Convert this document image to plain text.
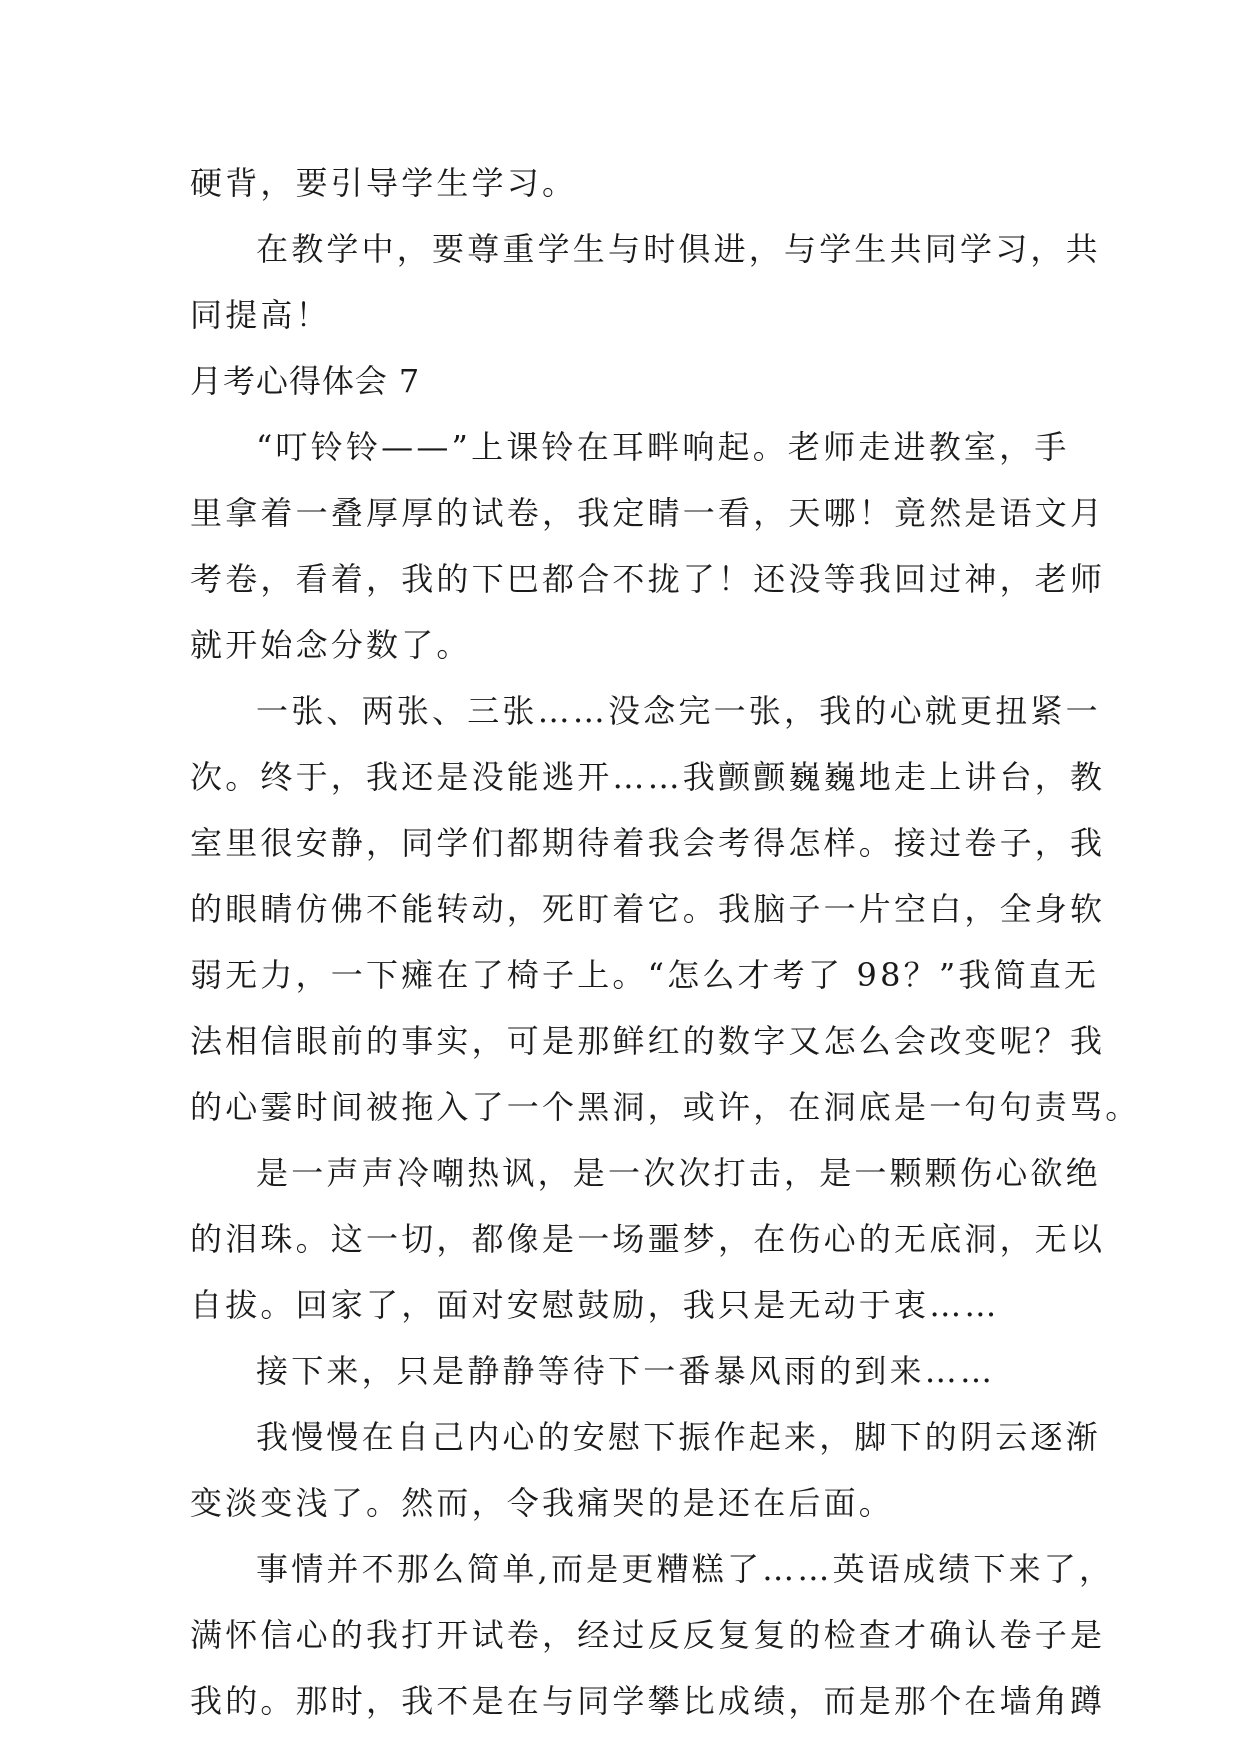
硬背，要引导学生学习。
在教学中，要尊重学生与时俱进，与学生共同学习，共
同提高！
月考心得体会 7
“叮铃铃——”上课铃在耳畔响起。老师走进教室，手
里拿着一叠厚厚的试卷，我定睛一看，天哪！竟然是语文月
考卷，看着，我的下巴都合不拢了！还没等我回过神，老师
就开始念分数了。
一张、两张、三张……没念完一张，我的心就更扭紧一
次。终于，我还是没能逃开……我颤颤巍巍地走上讲台，教
室里很安静，同学们都期待着我会考得怎样。接过卷子，我
的眼睛仿佛不能转动，死盯着它。我脑子一片空白，全身软
弱无力，一下瘫在了椅子上。“怎么才考了 98？”我简直无
法相信眼前的事实，可是那鲜红的数字又怎么会改变呢？我
的心霎时间被拖入了一个黑洞，或许，在洞底是一句句责骂。
是一声声冷嘲热讽，是一次次打击，是一颗颗伤心欲绝
的泪珠。这一切，都像是一场噩梦，在伤心的无底洞，无以
自拔。回家了，面对安慰鼓励，我只是无动于衷……
接下来，只是静静等待下一番暴风雨的到来……
我慢慢在自己内心的安慰下振作起来，脚下的阴云逐渐
变淡变浅了。然而，令我痛哭的是还在后面。
事情并不那么简单,而是更糟糕了……英语成绩下来了，
满怀信心的我打开试卷，经过反反复复的检查才确认卷子是
我的。那时，我不是在与同学攀比成绩，而是那个在墙角蹲
